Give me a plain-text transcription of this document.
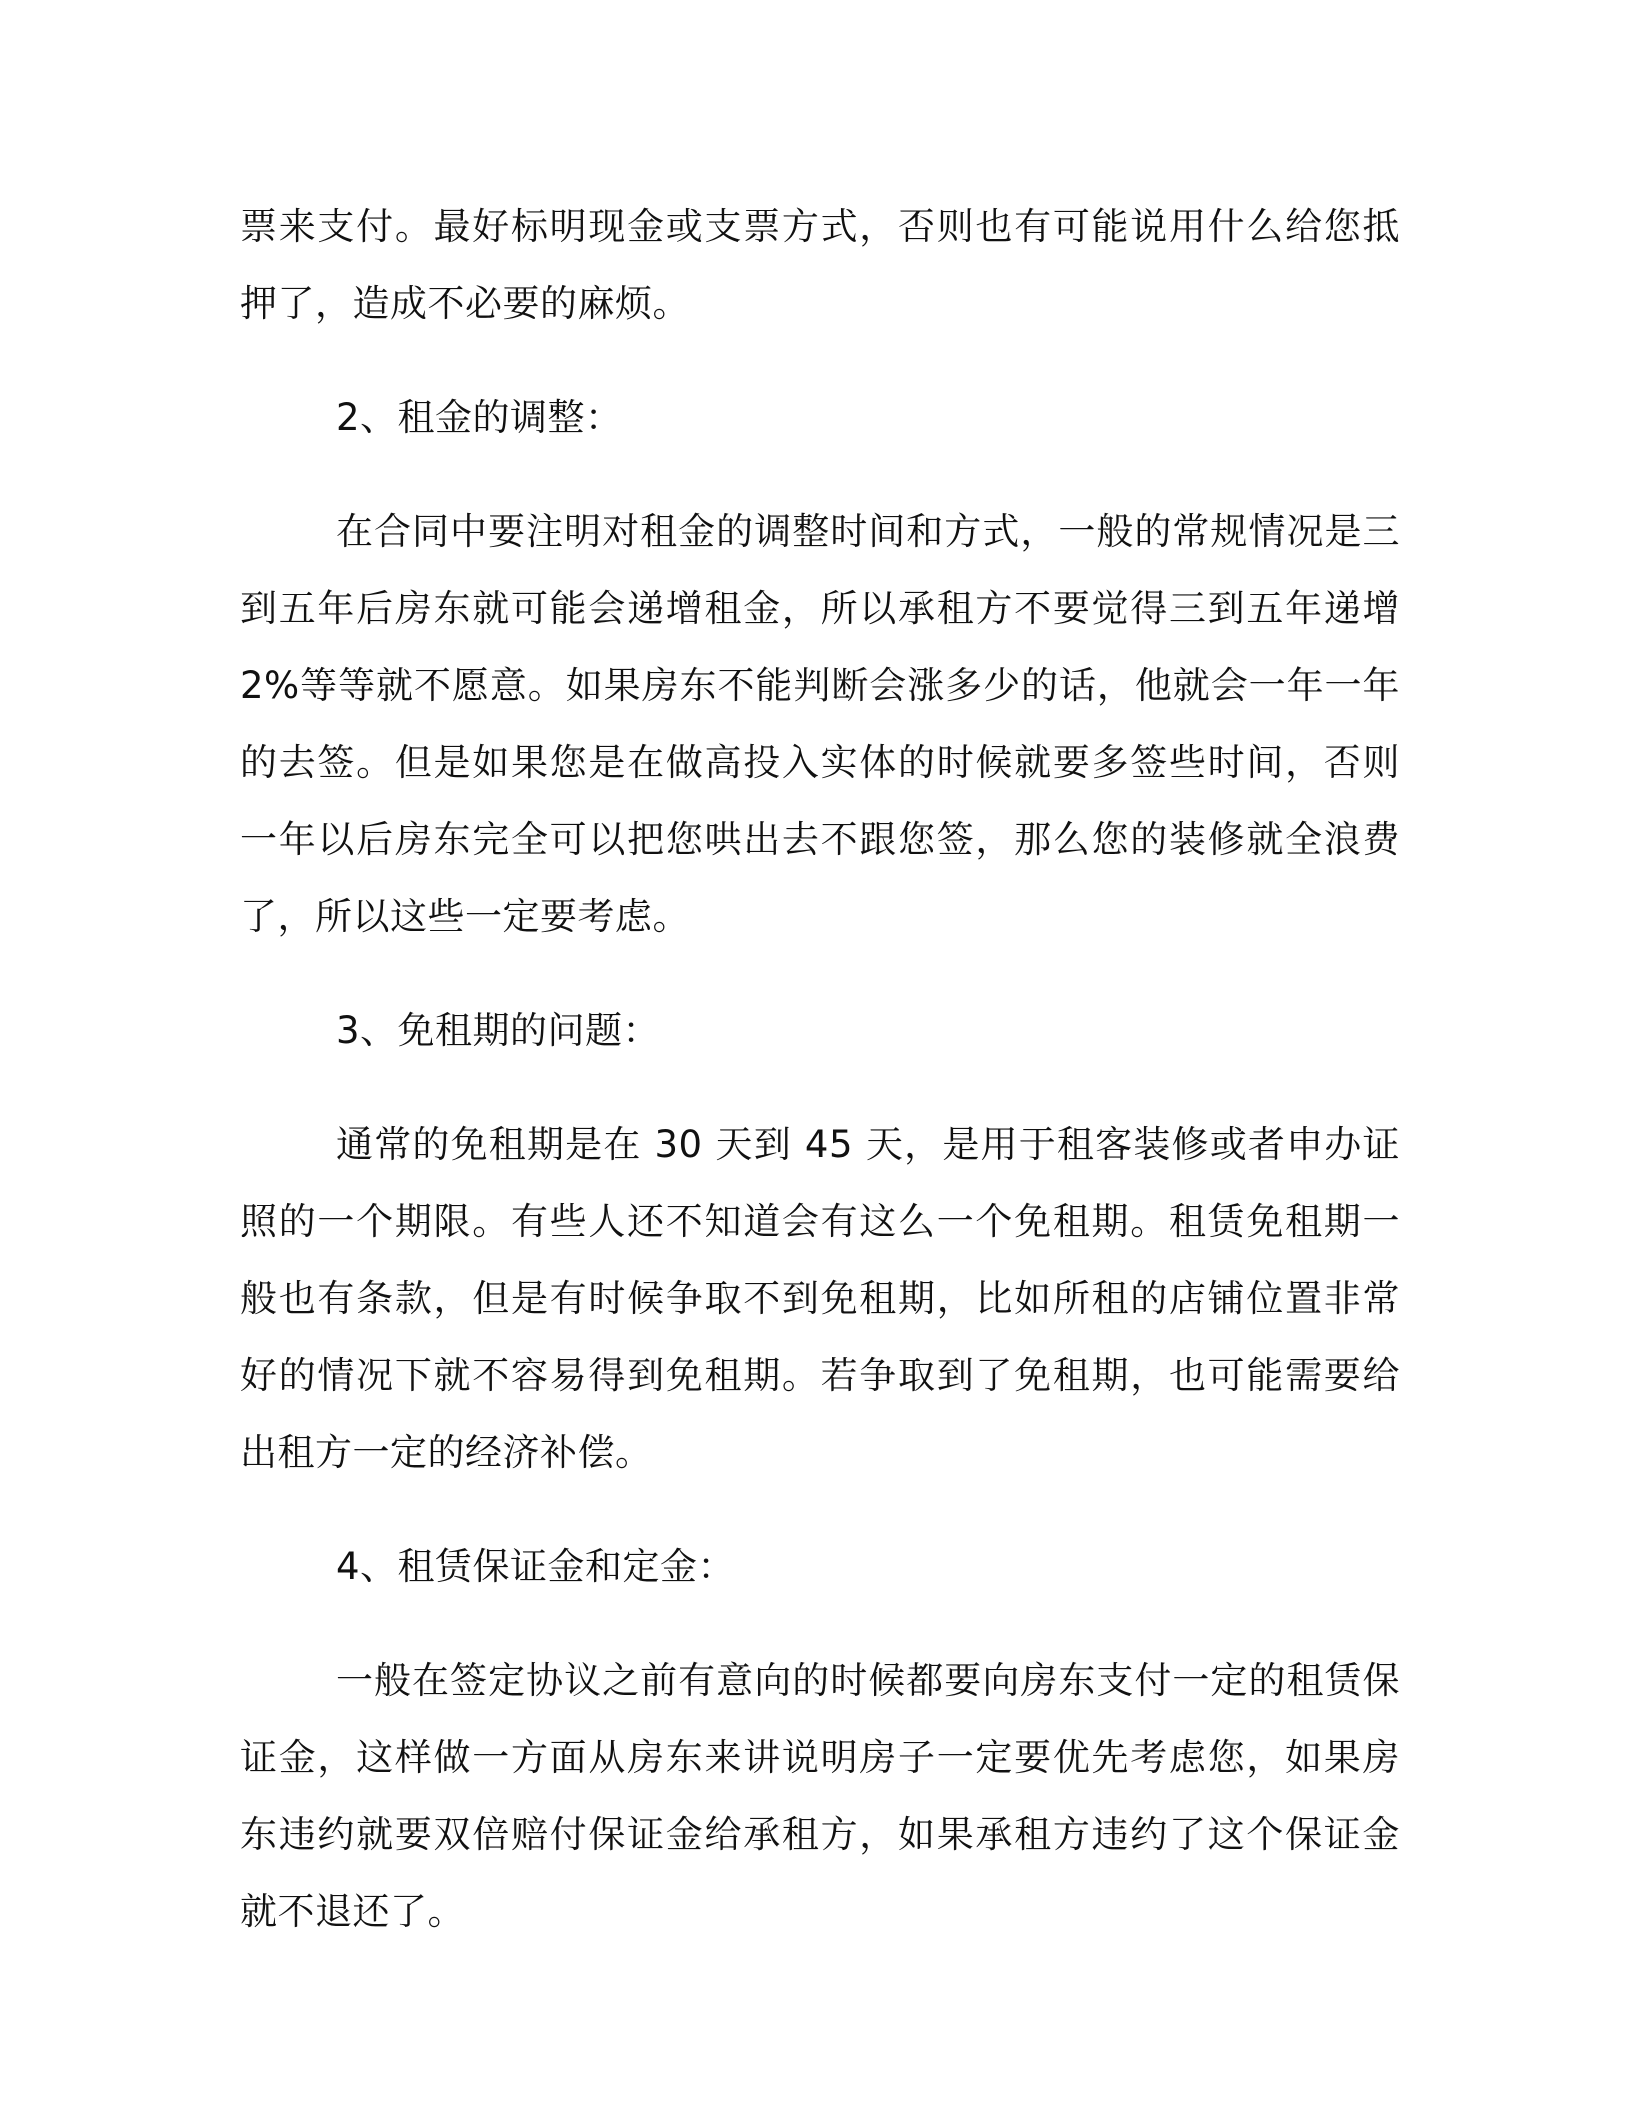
票来支付。最好标明现金或支票方式，否则也有可能说用什么给您抵押了，造成不必要的麻烦。

2、租金的调整：

在合同中要注明对租金的调整时间和方式，一般的常规情况是三到五年后房东就可能会递增租金，所以承租方不要觉得三到五年递增2%等等就不愿意。如果房东不能判断会涨多少的话，他就会一年一年的去签。但是如果您是在做高投入实体的时候就要多签些时间，否则一年以后房东完全可以把您哄出去不跟您签，那么您的装修就全浪费了，所以这些一定要考虑。

3、免租期的问题：

通常的免租期是在 30 天到 45 天，是用于租客装修或者申办证照的一个期限。有些人还不知道会有这么一个免租期。租赁免租期一般也有条款，但是有时候争取不到免租期，比如所租的店铺位置非常好的情况下就不容易得到免租期。若争取到了免租期，也可能需要给出租方一定的经济补偿。

4、租赁保证金和定金：

一般在签定协议之前有意向的时候都要向房东支付一定的租赁保证金，这样做一方面从房东来讲说明房子一定要优先考虑您，如果房东违约就要双倍赔付保证金给承租方，如果承租方违约了这个保证金就不退还了。
